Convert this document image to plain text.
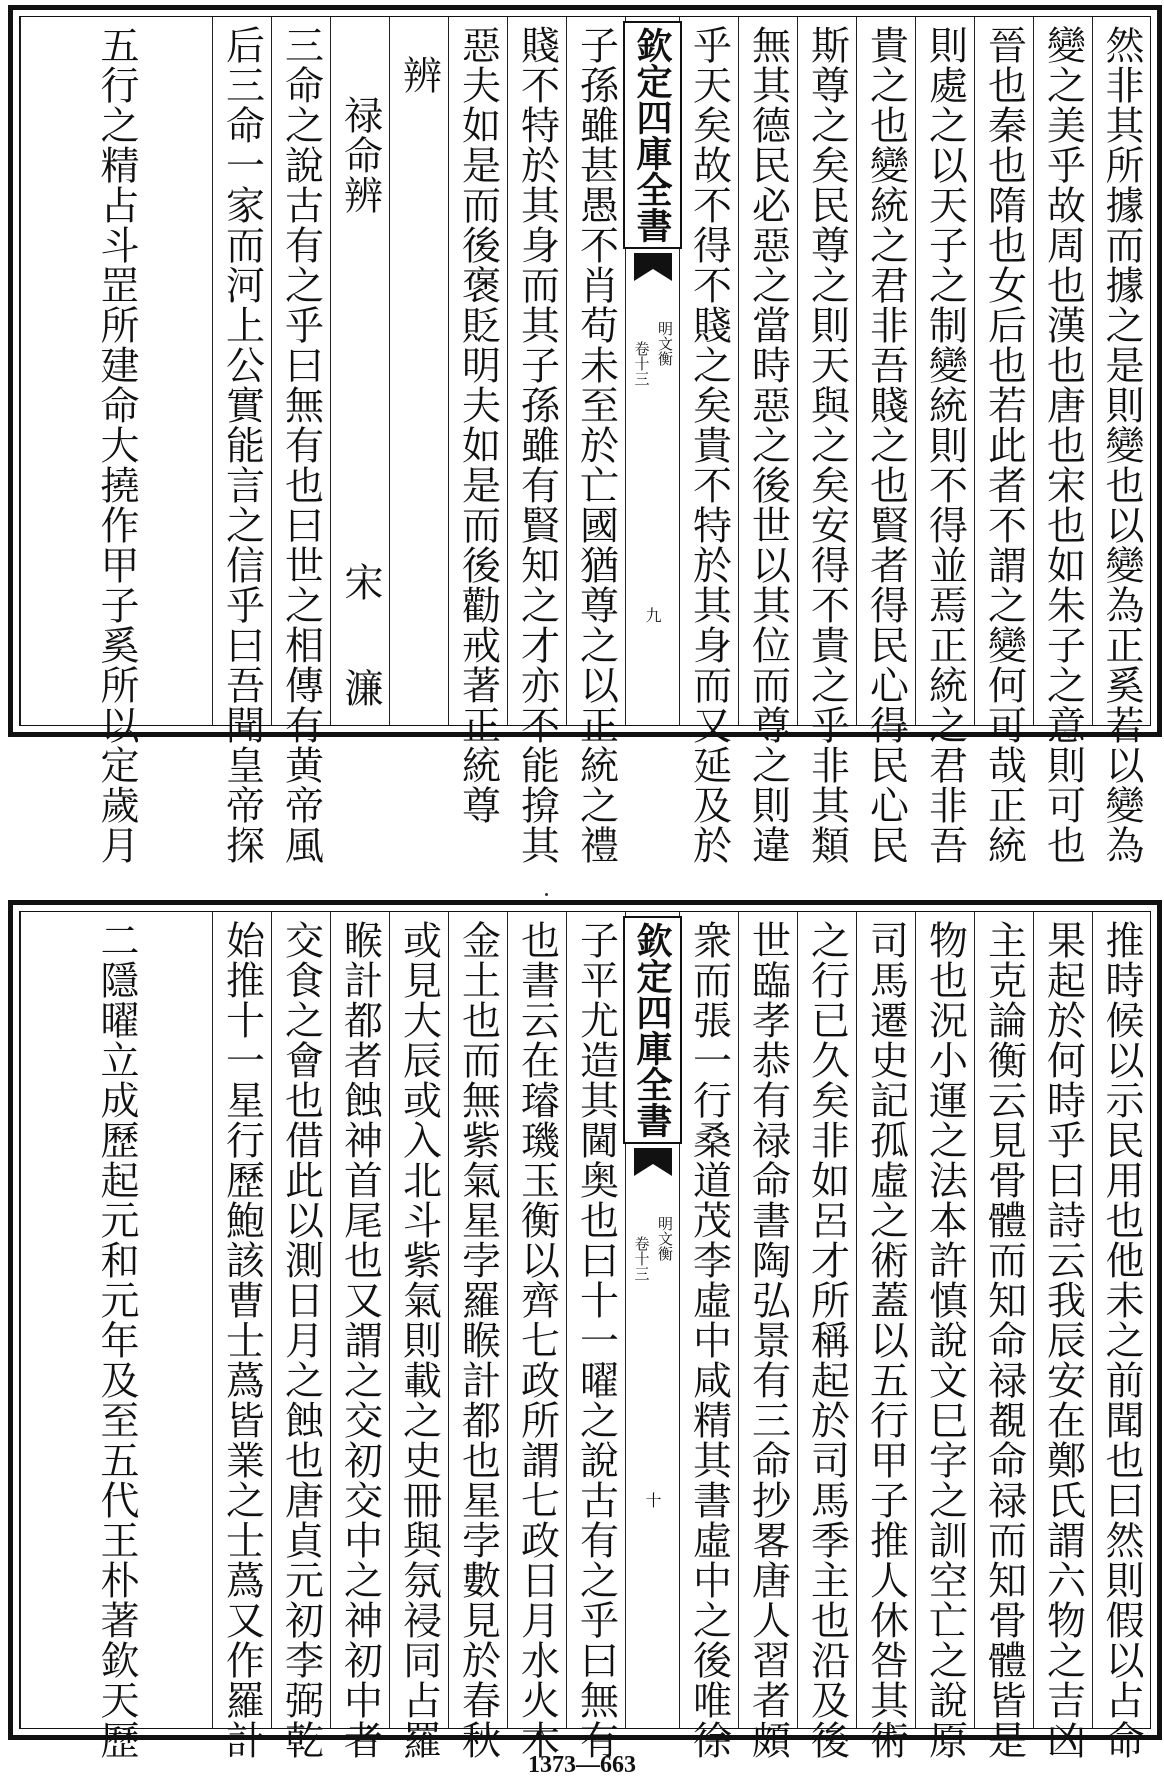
然非其所據而據之是則變也以變為正奚若以變為
變之美乎故周也漢也唐也宋也如朱子之意則可也
晉也秦也隋也女后也若此者不謂之變何可哉正統
則處之以天子之制變統則不得並焉正統之君非吾
貴之也變統之君非吾賤之也賢者得民心得民心民
斯尊之矣民尊之則天與之矣安得不貴之乎非其類
無其德民必惡之當時惡之後世以其位而尊之則違
乎天矣故不得不賤之矣貴不特於其身而又延及於
欽定四庫全書
明文衡
卷十三
九
子孫雖甚愚不肖苟未至於亡國猶尊之以正統之禮
賤不特於其身而其子孫雖有賢知之才亦不能揜其
惡夫如是而後褒貶明夫如是而後勸戒著正統尊
辨
禄命辨
宋　濂
三命之說古有之乎曰無有也曰世之相傳有黄帝風
后三命一家而河上公實能言之信乎曰吾聞皇帝探
五行之精占斗罡所建命大撓作甲子奚所以定歲月
推時候以示民用也他未之前聞也曰然則假以占命
果起於何時乎曰詩云我辰安在鄭氏謂六物之吉凶
主克論衡云見骨體而知命禄覩命禄而知骨體皆是
物也況小運之法本許慎說文巳字之訓空亡之說原
司馬遷史記孤虛之術蓋以五行甲子推人休咎其術
之行已久矣非如呂才所稱起於司馬季主也沿及後
世臨孝恭有禄命書陶弘景有三命抄畧唐人習者頗
衆而張一行桑道茂李虛中咸精其書虛中之後唯徐
欽定四庫全書
明文衡
卷十三
十
子平尤造其閫奥也曰十一曜之說古有之乎曰無有
也書云在璿璣玉衡以齊七政所謂七政日月水火木
金土也而無紫氣星孛羅睺計都也星孛數見於春秋
或見大辰或入北斗紫氣則載之史冊與氛祲同占羅
睺計都者蝕神首尾也又謂之交初交中之神初中者
交食之會也借此以測日月之蝕也唐貞元初李弼乾
始推十一星行歷鮑該曹士蔿皆業之士蔿又作羅計
二隱曜立成歷起元和元年及至五代王朴著欽天歷
1373—663
